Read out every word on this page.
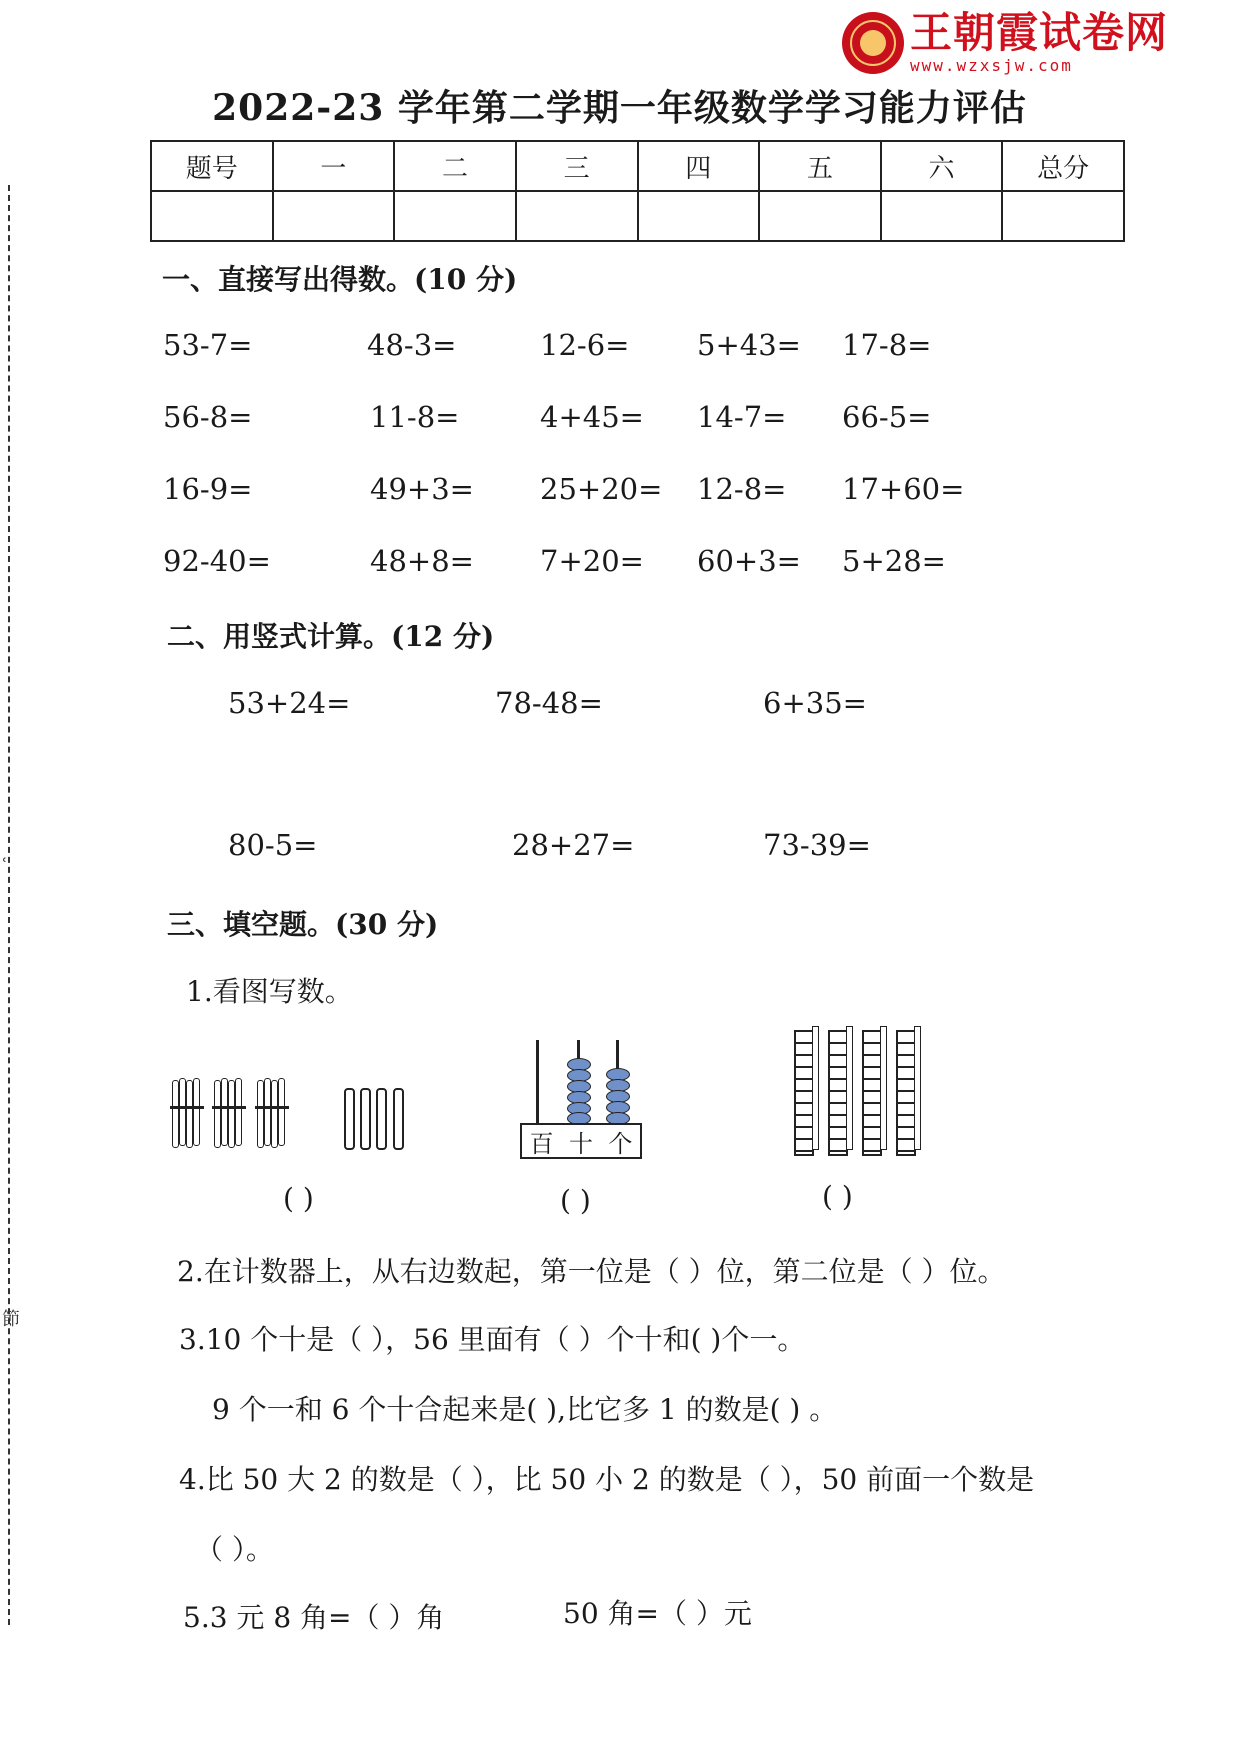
ʿ
節
王朝霞试卷网
www.wzxsjw.com
2022-23 学年第二学期一年级数学学习能力评估
题号	一	二	三	四	五	六	总分

一、直接写出得数。(10 分)
53-7=	48-3=	12-6= 5+43= 17-8=
56-8=	11-8=	4+45= 14-7= 66-5=
16-9=	49+3= 25+20= 12-8= 17+60=
92-40=	48+8= 7+20= 60+3= 5+28=
二、用竖式计算。(12 分)
53+24=	78-48=	6+35=
80-5=	28+27=	73-39=
三、填空题。(30 分)
1.看图写数。
百 十 个
( )	( )	( )
2.在计数器上，从右边数起，第一位是（ ）位，第二位是（ ）位。
3.10 个十是（ ），56 里面有（ ）个十和( )个一。
9 个一和 6 个十合起来是( ),比它多 1 的数是( ) 。
4.比 50 大 2 的数是（ ），比 50 小 2 的数是（ ），50 前面一个数是
（ ）。
5.3 元 8 角=（ ）角	50 角=（ ）元
